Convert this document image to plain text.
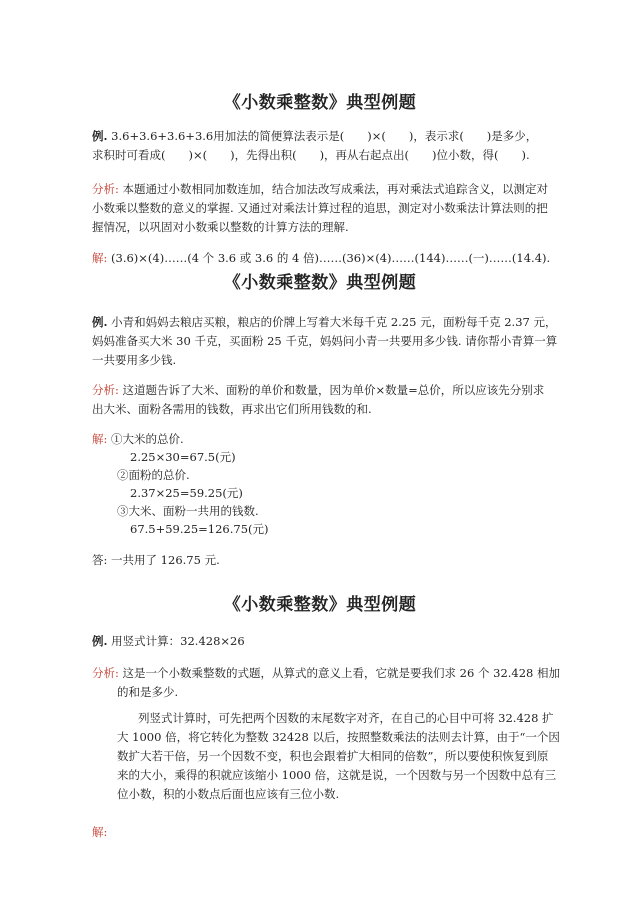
《小数乘整数》典型例题
例. 3.6+3.6+3.6+3.6用加法的简便算法表示是(　　)×(　　)，表示求(　　)是多少，
求积时可看成(　　)×(　　)，先得出积(　　)，再从右起点出(　　)位小数，得(　　).
分析: 本题通过小数相同加数连加，结合加法改写成乘法，再对乘法式追踪含义，以测定对
小数乘以整数的意义的掌握. 又通过对乘法计算过程的追思，测定对小数乘法计算法则的把
握情况，以巩固对小数乘以整数的计算方法的理解.
解: (3.6)×(4)……(4 个 3.6 或 3.6 的 4 倍)……(36)×(4)……(144)……(一)……(14.4).
《小数乘整数》典型例题
例. 小青和妈妈去粮店买粮，粮店的价牌上写着大米每千克 2.25 元，面粉每千克 2.37 元，
妈妈准备买大米 30 千克，买面粉 25 千克，妈妈问小青一共要用多少钱. 请你帮小青算一算
一共要用多少钱.
分析: 这道题告诉了大米、面粉的单价和数量，因为单价×数量=总价，所以应该先分别求
出大米、面粉各需用的钱数，再求出它们所用钱数的和.
解: ①大米的总价.
2.25×30=67.5(元)
②面粉的总价.
2.37×25=59.25(元)
③大米、面粉一共用的钱数.
67.5+59.25=126.75(元)
答: 一共用了 126.75 元.
《小数乘整数》典型例题
例. 用竖式计算：32.428×26
分析: 这是一个小数乘整数的式题，从算式的意义上看，它就是要我们求 26 个 32.428 相加
的和是多少.
列竖式计算时，可先把两个因数的末尾数字对齐，在自己的心目中可将 32.428 扩
大 1000 倍，将它转化为整数 32428 以后，按照整数乘法的法则去计算，由于“一个因
数扩大若干倍，另一个因数不变，积也会跟着扩大相同的倍数”，所以要使积恢复到原
来的大小，乘得的积就应该缩小 1000 倍，这就是说，一个因数与另一个因数中总有三
位小数，积的小数点后面也应该有三位小数.
解:
